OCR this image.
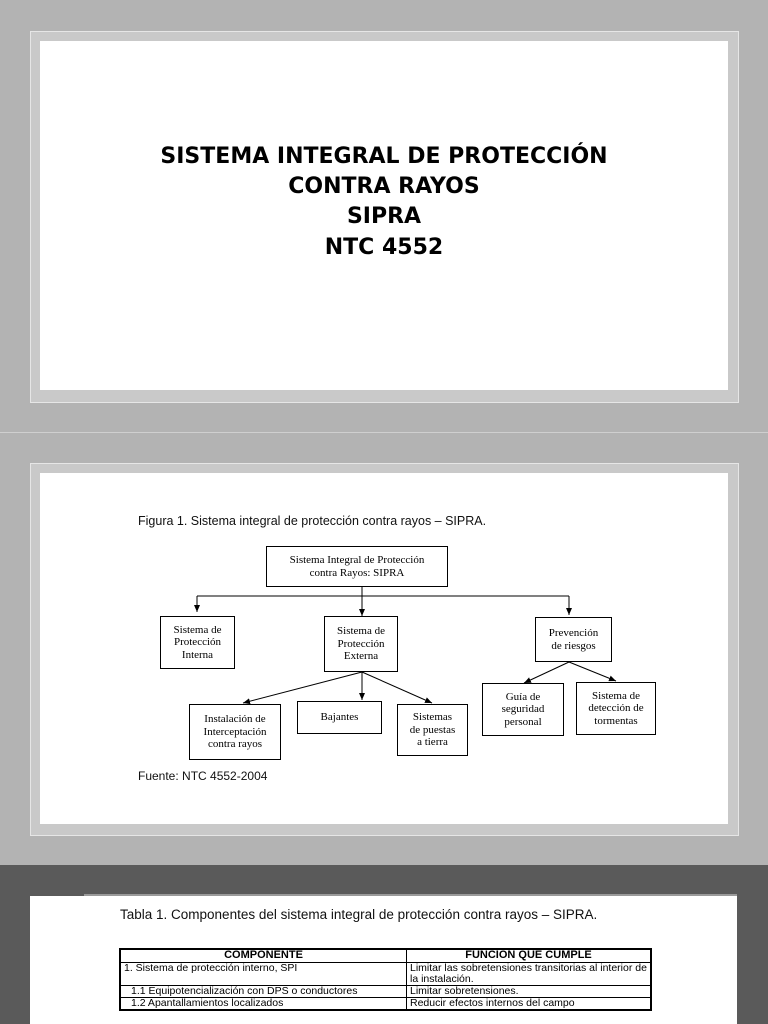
SISTEMA INTEGRAL DE PROTECCIÓN
CONTRA RAYOS
SIPRA
NTC 4552
Figura 1. Sistema integral de protección contra rayos – SIPRA.
Sistema Integral de Protección
contra Rayos: SIPRA
Sistema de
Protección
Interna
Sistema de
Protección
Externa
Prevención
de riesgos
Instalación de
Interceptación
contra rayos
Bajantes	Sistemas
de puestas
a tierra
Guía de
seguridad
personal
Sistema de
detección de
tormentas
Fuente: NTC 4552-2004
Tabla 1. Componentes del sistema integral de protección contra rayos – SIPRA.
COMPONENTE	FUNCIÓN QUE CUMPLE
1. Sistema de protección interno, SPI	Limitar las sobretensiones transitorias al interior de la instalación.
1.1 Equipotencialización con DPS o conductores	Limitar sobretensiones.
1.2 Apantallamientos localizados	Reducir efectos internos del campo
